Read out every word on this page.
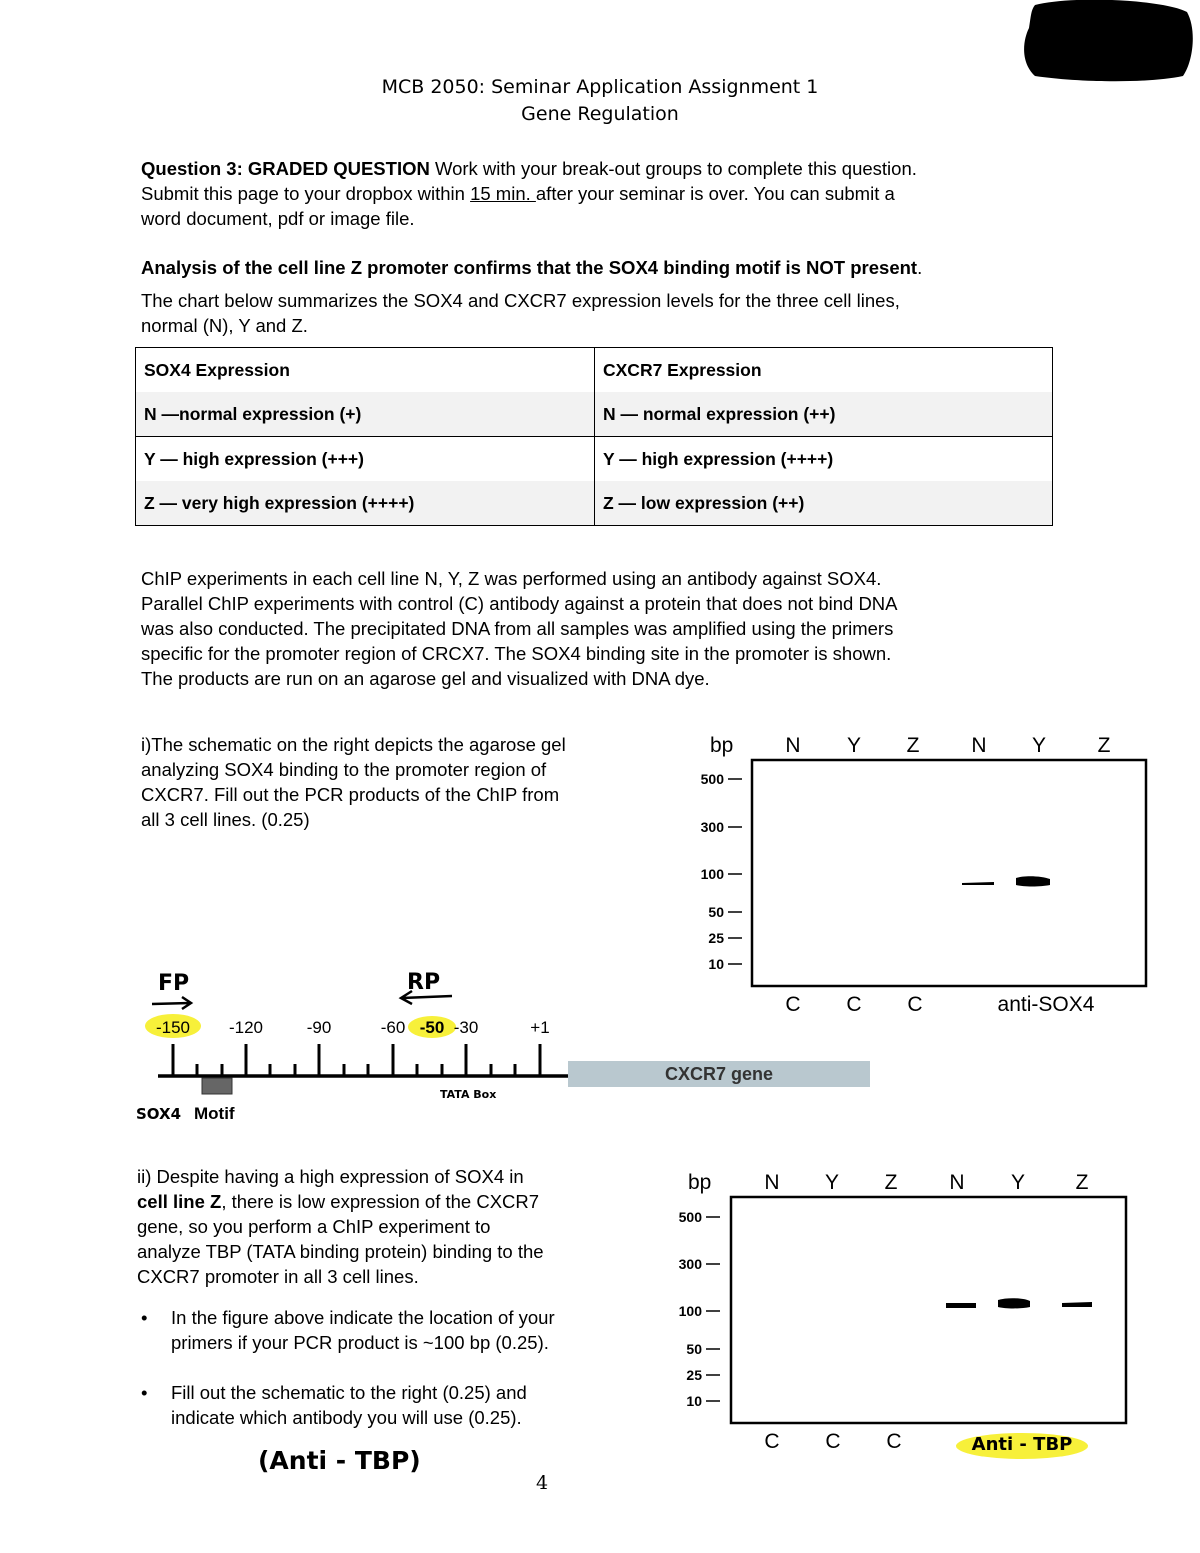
MCB 2050: Seminar Application Assignment 1
Gene Regulation
Question 3: GRADED QUESTION Work with your break-out groups to complete this question.
Submit this page to your dropbox within 15 min. after your seminar is over. You can submit a
word document, pdf or image file.
Analysis of the cell line Z promoter confirms that the SOX4 binding motif is NOT present.
The chart below summarizes the SOX4 and CXCR7 expression levels for the three cell lines,
normal (N), Y and Z.
SOX4 Expression	CXCR7 Expression
N —normal expression (+)	N — normal expression (++)
Y — high expression (+++)	Y — high expression (++++)
Z — very high expression (++++)	Z — low expression (++)
ChIP experiments in each cell line N, Y, Z was performed using an antibody against SOX4.
Parallel ChIP experiments with control (C) antibody against a protein that does not bind DNA
was also conducted. The precipitated DNA from all samples was amplified using the primers
specific for the promoter region of CRCX7. The SOX4 binding site in the promoter is shown.
The products are run on an agarose gel and visualized with DNA dye.
i)The schematic on the right depicts the agarose gel
analyzing SOX4 binding to the promoter region of
CXCR7. Fill out the PCR products of the ChIP from
all 3 cell lines. (0.25)
bp N Y Z N Y Z
500
300
100
50
25
10
C C C	anti-SOX4
FP	RP
-150 -120	-90	-60 -50 -30	+1
Motif
SOX4
TATA Box
CXCR7 gene
ii) Despite having a high expression of SOX4 in
cell line Z, there is low expression of the CXCR7
gene, so you perform a ChIP experiment to
analyze TBP (TATA binding protein) binding to the
CXCR7 promoter in all 3 cell lines.
• In the figure above indicate the location of your
primers if your PCR product is ~100 bp (0.25).
• Fill out the schematic to the right (0.25) and
indicate which antibody you will use (0.25).
(Anti - TBP)
bp	N Y Z N Y Z
500
300
100
50
25
10
C C C	Anti - TBP
4
